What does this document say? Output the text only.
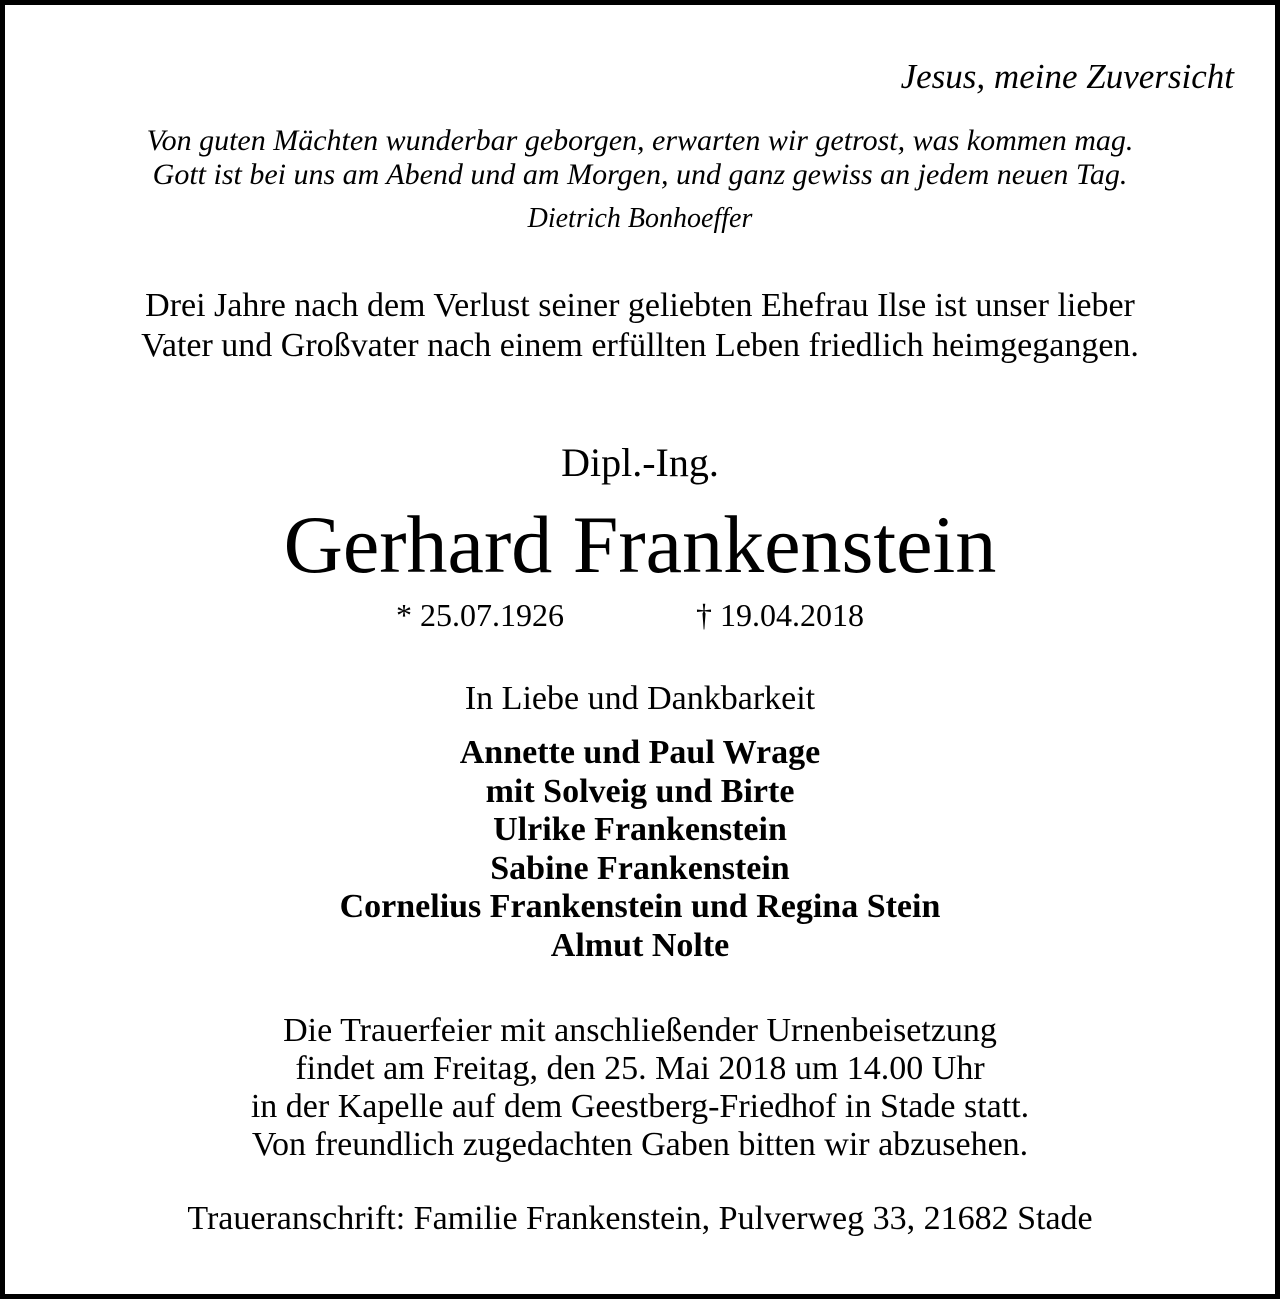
Jesus, meine Zuversicht
Von guten Mächten wunderbar geborgen, erwarten wir getrost, was kommen mag.
Gott ist bei uns am Abend und am Morgen, und ganz gewiss an jedem neuen Tag.
Dietrich Bonhoeffer
Drei Jahre nach dem Verlust seiner geliebten Ehefrau Ilse ist unser lieber
Vater und Großvater nach einem erfüllten Leben friedlich heimgegangen.
Dipl.-Ing.
Gerhard Frankenstein
* 25.07.1926	† 19.04.2018
In Liebe und Dankbarkeit
Annette und Paul Wrage
mit Solveig und Birte
Ulrike Frankenstein
Sabine Frankenstein
Cornelius Frankenstein und Regina Stein
Almut Nolte
Die Trauerfeier mit anschließender Urnenbeisetzung
findet am Freitag, den 25. Mai 2018 um 14.00 Uhr
in der Kapelle auf dem Geestberg-Friedhof in Stade statt.
Von freundlich zugedachten Gaben bitten wir abzusehen.
Traueranschrift: Familie Frankenstein, Pulverweg 33, 21682 Stade
